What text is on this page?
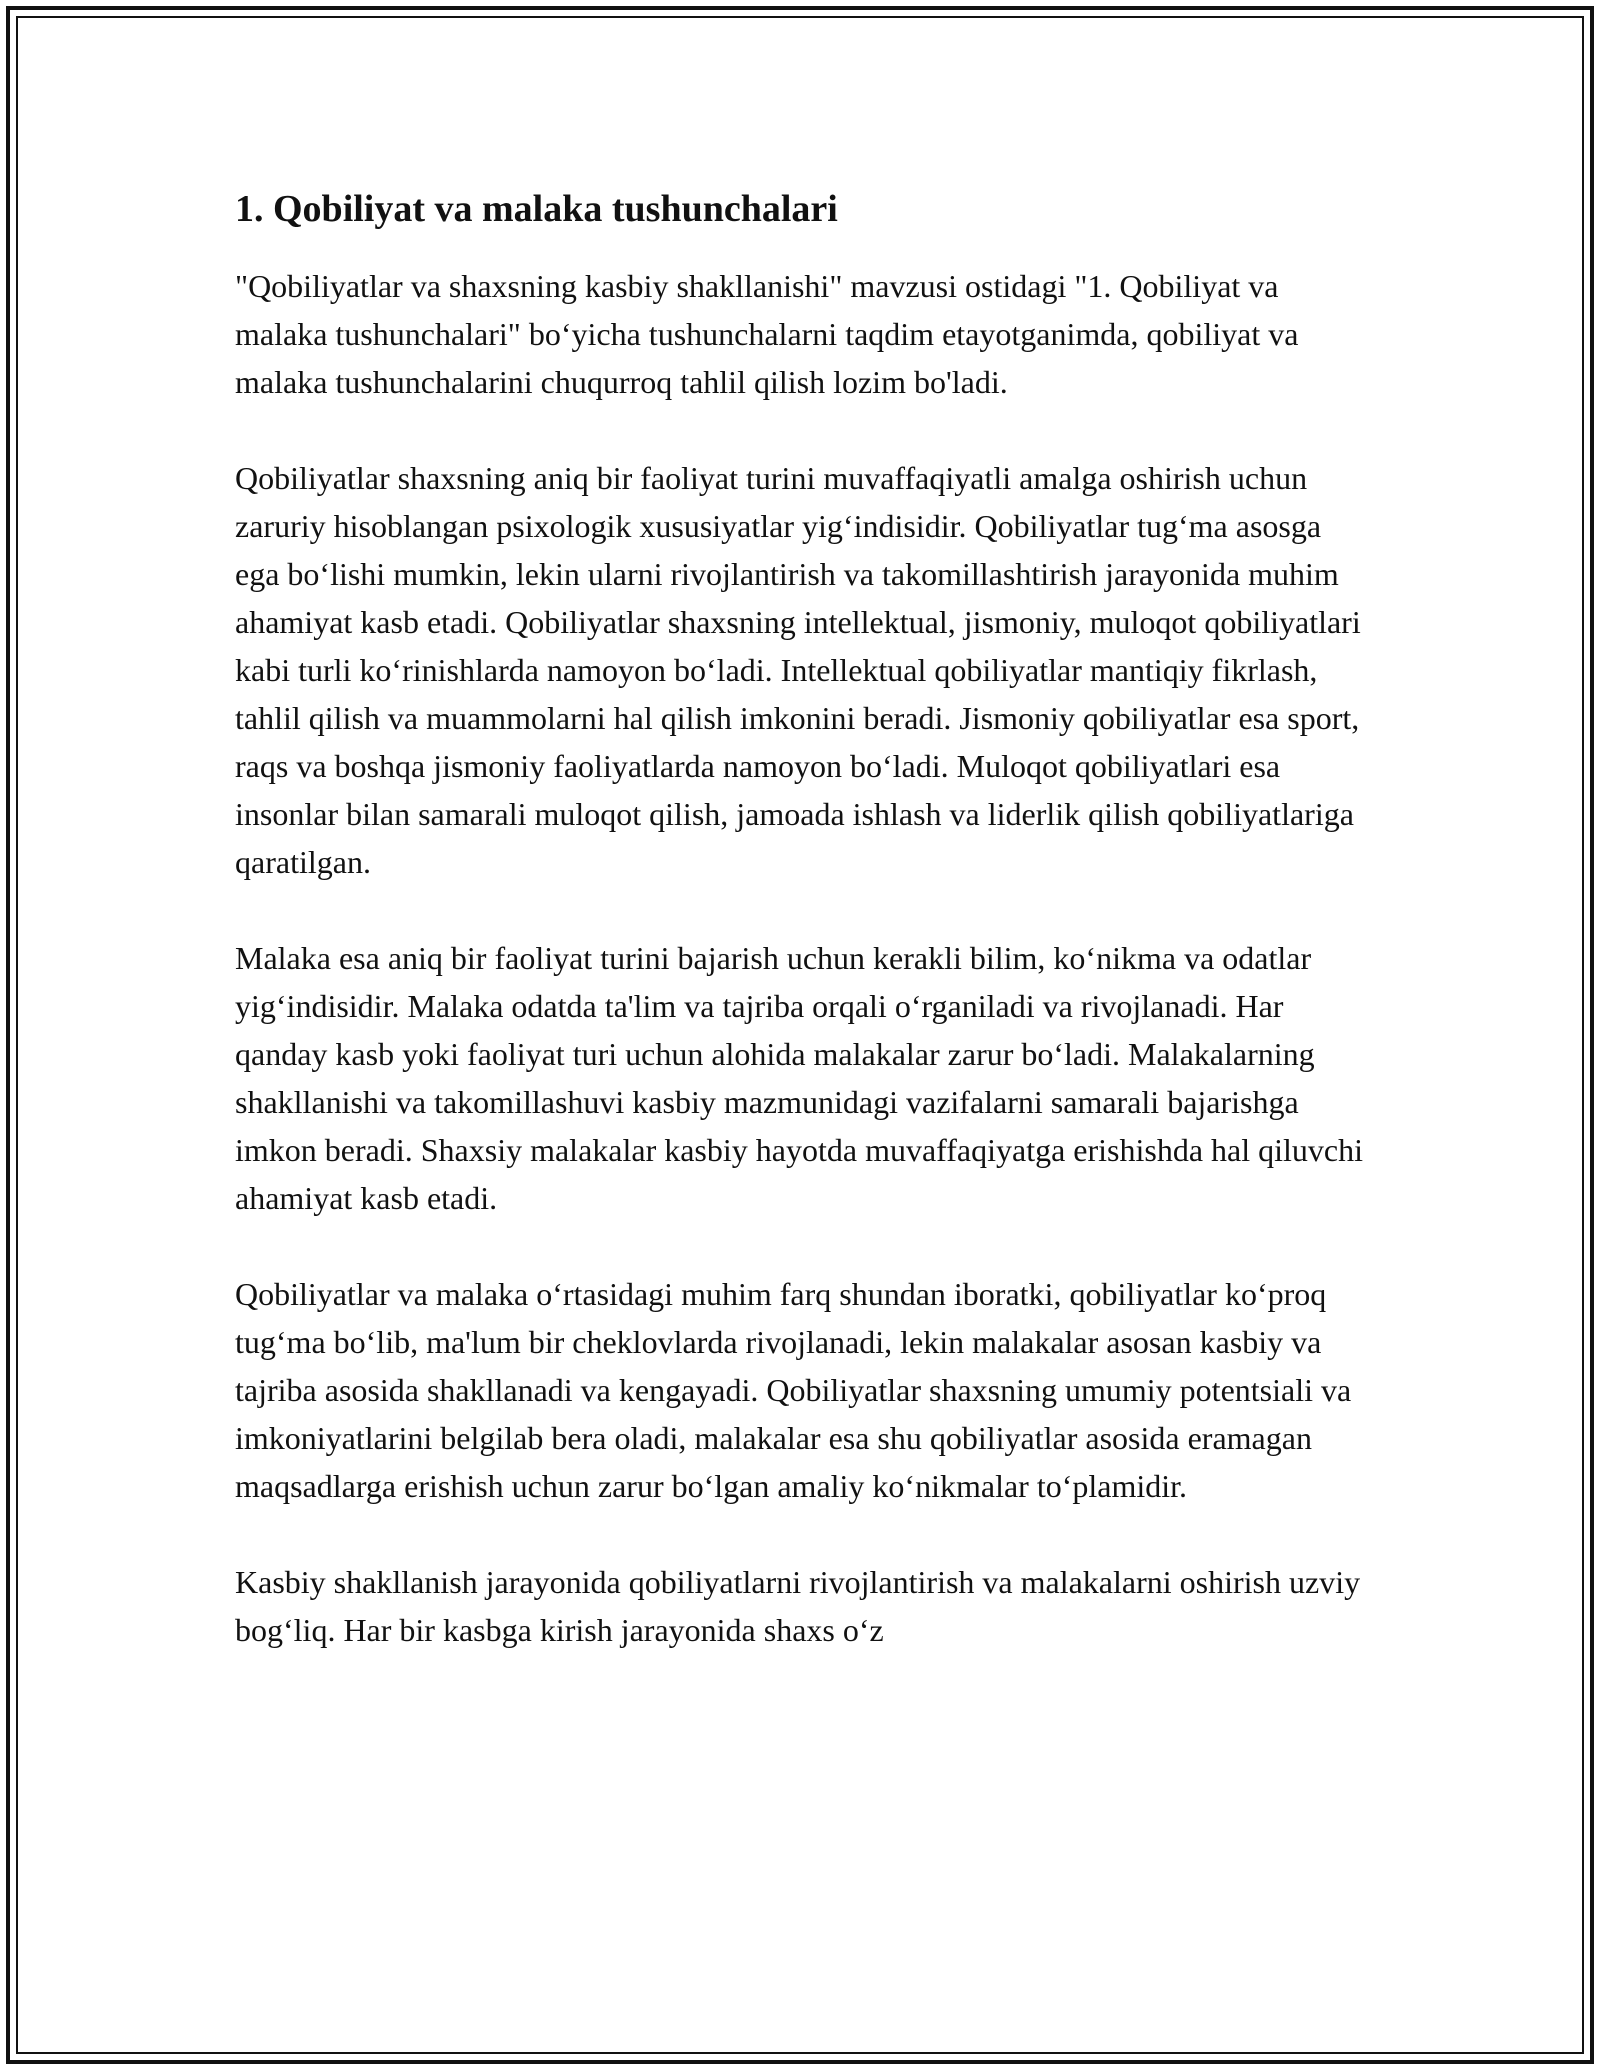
1. Qobiliyat va malaka tushunchalari

"Qobiliyatlar va shaxsning kasbiy shakllanishi" mavzusi ostidagi "1. Qobiliyat va malaka tushunchalari" bo‘yicha tushunchalarni taqdim etayotganimda, qobiliyat va malaka tushunchalarini chuqurroq tahlil qilish lozim bo'ladi.

Qobiliyatlar shaxsning aniq bir faoliyat turini muvaffaqiyatli amalga oshirish uchun zaruriy hisoblangan psixologik xususiyatlar yig‘indisidir. Qobiliyatlar tug‘ma asosga ega bo‘lishi mumkin, lekin ularni rivojlantirish va takomillashtirish jarayonida muhim ahamiyat kasb etadi. Qobiliyatlar shaxsning intellektual, jismoniy, muloqot qobiliyatlari kabi turli ko‘rinishlarda namoyon bo‘ladi. Intellektual qobiliyatlar mantiqiy fikrlash, tahlil qilish va muammolarni hal qilish imkonini beradi. Jismoniy qobiliyatlar esa sport, raqs va boshqa jismoniy faoliyatlarda namoyon bo‘ladi. Muloqot qobiliyatlari esa insonlar bilan samarali muloqot qilish, jamoada ishlash va liderlik qilish qobiliyatlariga qaratilgan.

Malaka esa aniq bir faoliyat turini bajarish uchun kerakli bilim, ko‘nikma va odatlar yig‘indisidir. Malaka odatda ta'lim va tajriba orqali o‘rganiladi va rivojlanadi. Har qanday kasb yoki faoliyat turi uchun alohida malakalar zarur bo‘ladi. Malakalarning shakllanishi va takomillashuvi kasbiy mazmunidagi vazifalarni samarali bajarishga imkon beradi. Shaxsiy malakalar kasbiy hayotda muvaffaqiyatga erishishda hal qiluvchi ahamiyat kasb etadi.

Qobiliyatlar va malaka o‘rtasidagi muhim farq shundan iboratki, qobiliyatlar ko‘proq tug‘ma bo‘lib, ma'lum bir cheklovlarda rivojlanadi, lekin malakalar asosan kasbiy va tajriba asosida shakllanadi va kengayadi. Qobiliyatlar shaxsning umumiy potentsiali va imkoniyatlarini belgilab bera oladi, malakalar esa shu qobiliyatlar asosida eramagan maqsadlarga erishish uchun zarur bo‘lgan amaliy ko‘nikmalar to‘plamidir.

Kasbiy shakllanish jarayonida qobiliyatlarni rivojlantirish va malakalarni oshirish uzviy bog‘liq. Har bir kasbga kirish jarayonida shaxs o‘z
